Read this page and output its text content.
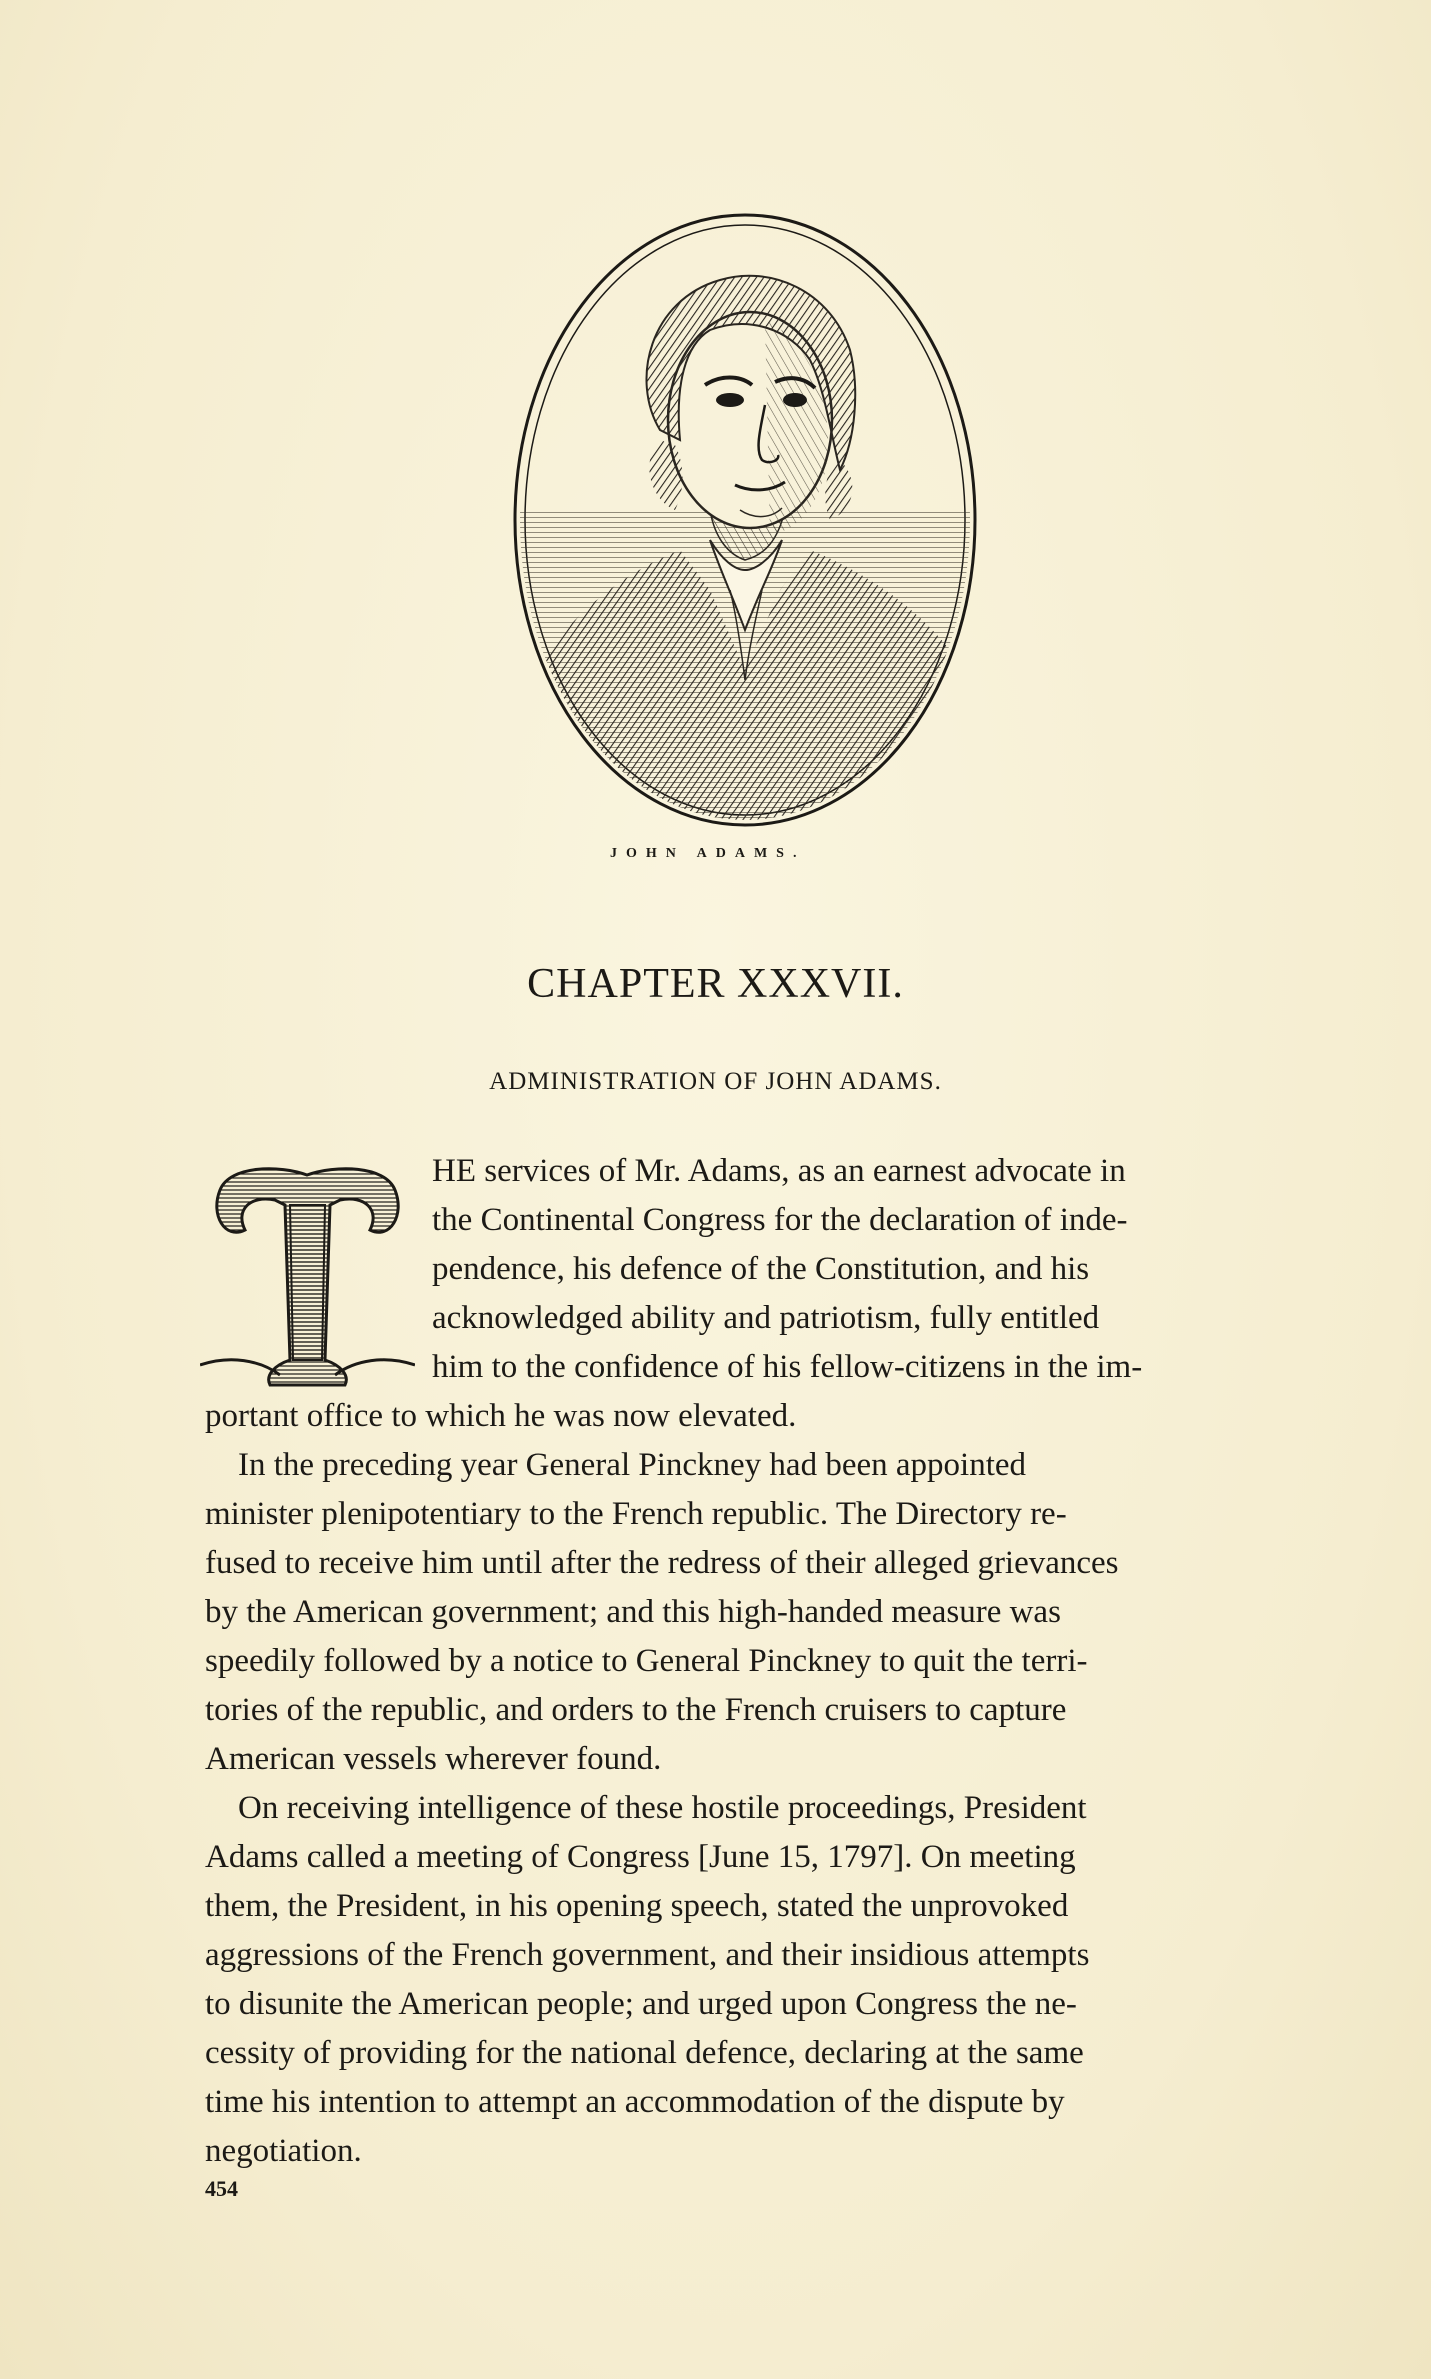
JOHN ADAMS.
CHAPTER XXXVII.
ADMINISTRATION OF JOHN ADAMS.
HE services of Mr. Adams, as an earnest advocate in
the Continental Congress for the declaration of inde-
pendence, his defence of the Constitution, and his
acknowledged ability and patriotism, fully entitled
him to the confidence of his fellow-citizens in the im-
portant office to which he was now elevated.
In the preceding year General Pinckney had been appointed
minister plenipotentiary to the French republic. The Directory re-
fused to receive him until after the redress of their alleged grievances
by the American government; and this high-handed measure was
speedily followed by a notice to General Pinckney to quit the terri-
tories of the republic, and orders to the French cruisers to capture
American vessels wherever found.
On receiving intelligence of these hostile proceedings, President
Adams called a meeting of Congress [June 15, 1797]. On meeting
them, the President, in his opening speech, stated the unprovoked
aggressions of the French government, and their insidious attempts
to disunite the American people; and urged upon Congress the ne-
cessity of providing for the national defence, declaring at the same
time his intention to attempt an accommodation of the dispute by
negotiation.
454
